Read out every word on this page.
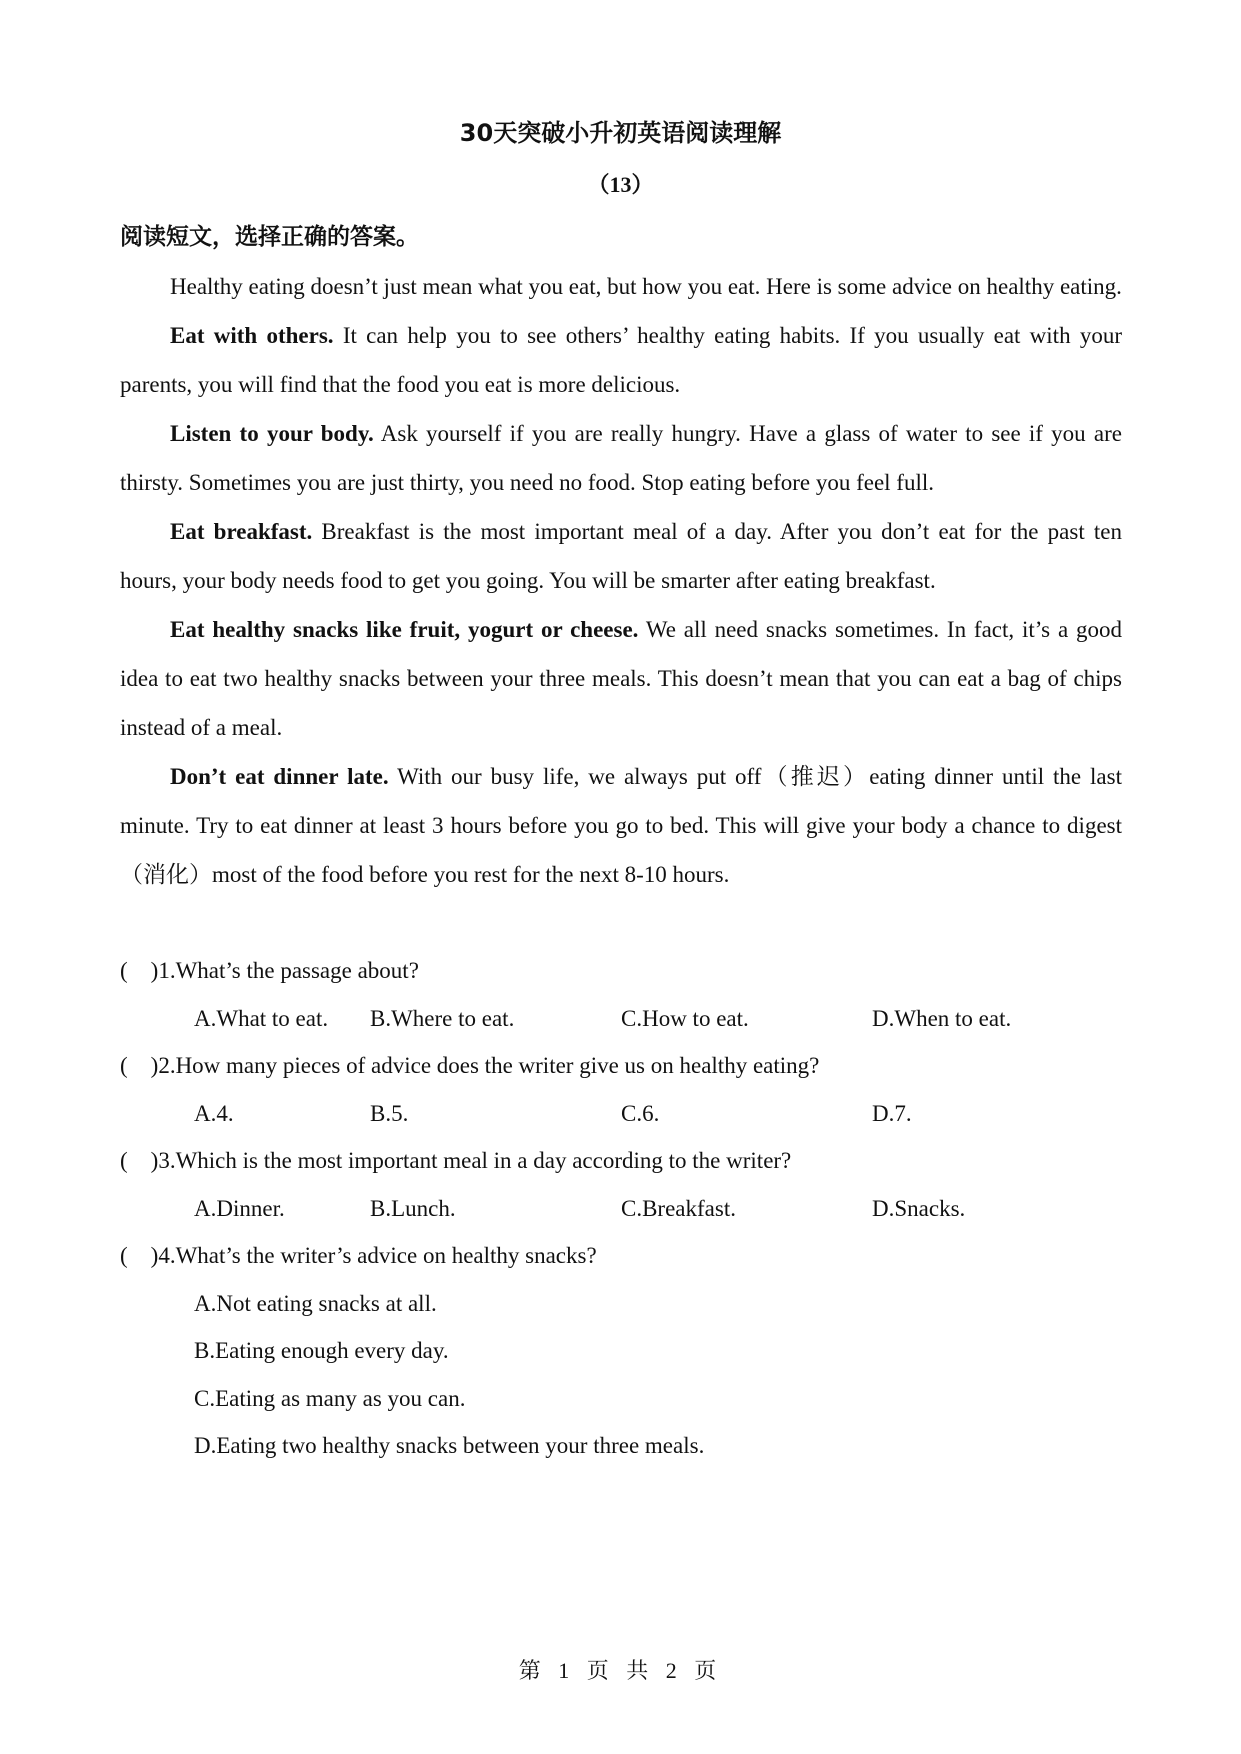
30天突破小升初英语阅读理解
（13）
阅读短文，选择正确的答案。

Healthy eating doesn’t just mean what you eat, but how you eat. Here is some advice on healthy eating.

Eat with others. It can help you to see others’ healthy eating habits. If you usually eat with your parents, you will find that the food you eat is more delicious.

Listen to your body. Ask yourself if you are really hungry. Have a glass of water to see if you are thirsty. Sometimes you are just thirty, you need no food. Stop eating before you feel full.

Eat breakfast. Breakfast is the most important meal of a day. After you don’t eat for the past ten hours, your body needs food to get you going. You will be smarter after eating breakfast.

Eat healthy snacks like fruit, yogurt or cheese. We all need snacks sometimes. In fact, it’s a good idea to eat two healthy snacks between your three meals. This doesn’t mean that you can eat a bag of chips instead of a meal.

Don’t eat dinner late. With our busy life, we always put off（推迟）eating dinner until the last minute. Try to eat dinner at least 3 hours before you go to bed. This will give your body a chance to digest（消化）most of the food before you rest for the next 8-10 hours.

(    )1.What’s the passage about?
A.What to eat. B.Where to eat.	C.How to eat.	D.When to eat.
(    )2.How many pieces of advice does the writer give us on healthy eating?
A.4.	B.5.	C.6.	D.7.
(    )3.Which is the most important meal in a day according to the writer?
A.Dinner.	B.Lunch.	C.Breakfast.	D.Snacks.
(    )4.What’s the writer’s advice on healthy snacks?
A.Not eating snacks at all.
B.Eating enough every day.
C.Eating as many as you can.
D.Eating two healthy snacks between your three meals.
第 1 页 共 2 页
